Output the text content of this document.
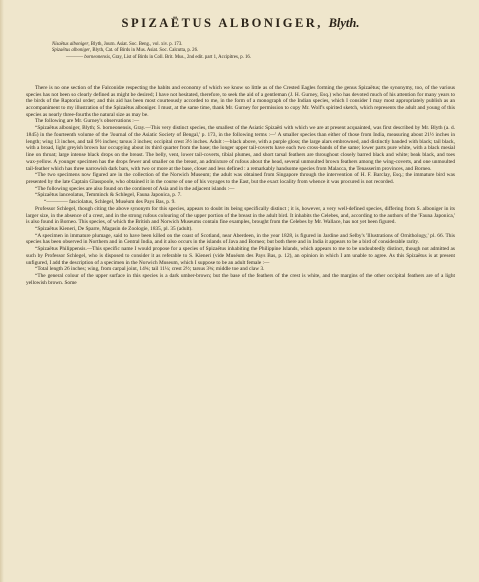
SPIZAËTUS ALBONIGER, Blyth.
Nisaëtus alboniger, Blyth, Journ. Asiat. Soc. Beng., vol. xiv. p. 173.
Spizaëtus alboniger, Blyth, Cat. of Birds in Mus. Asiat. Soc. Calcutta, p. 26.
———— borneonensis, Gray, List of Birds in Coll. Brit. Mus., 2nd edit. part 1, Accipitres, p. 16.

There is no one section of the Falconidæ respecting the habits and economy of which we know so little as of the Crested Eagles forming the genus Spizaëtus; the synonymy, too, of the various species has not been so clearly defined as might be desired; I have not hesitated, therefore, to seek the aid of a gentleman (J. H. Gurney, Esq.) who has devoted much of his attention for many years to the birds of the Raptorial order; and this aid has been most courteously accorded to me, in the form of a monograph of the Indian species, which I consider I may most appropriately publish as an accompaniment to my illustration of the Spizaëtus alboniger. I must, at the same time, thank Mr. Gurney for permission to copy Mr. Wolf's spirited sketch, which represents the adult and young of this species as nearly three-fourths the natural size as may be.

The following are Mr. Gurney's observations :—

“Spizaëtus alboniger, Blyth; S. borneonensis, Gray.—This very distinct species, the smallest of the Asiatic Spizaëti with which we are at present acquainted, was first described by Mr. Blyth (a. d. 1845) in the fourteenth volume of the 'Journal of the Asiatic Society of Bengal,' p. 173, in the following terms :—' A smaller species than either of those from India, measuring about 21½ inches in length; wing 13 inches, and tail 9½ inches; tarsus 3 inches; occipital crest 3½ inches. Adult :—black above, with a purple gloss; the large alars embrowned, and distinctly banded with black; tail black, with a broad, light greyish brown bar occupying about its third quarter from the base; the longer upper tail-coverts have each two cross-bands of the same; lower parts pure white, with a black mesial line on throat; large intense black drops on the breast. The belly, vent, lower tail-coverts, tibial plumes, and short tarsal feathers are throughout closely barred black and white; beak black, and toes wax-yellow. A younger specimen has the drops fewer and smaller on the breast, an admixture of rufous about the head, several unmoulted brown feathers among the wing-coverts, and one unmoulted tail-feather which has three narrowish dark bars, with two or more at the base, closer and less defined : a remarkably handsome species from Malacca, the Tenasserim provinces, and Borneo.

“The two specimens now figured are in the collection of the Norwich Museum; the adult was obtained from Singapore through the intervention of H. F. Barclay, Esq.; the immature bird was presented by the late Captain Glasspoole, who obtained it in the course of one of his voyages to the East, but the exact locality from whence it was procured is not recorded.

“The following species are also found on the continent of Asia and in the adjacent islands :—

“Spizaëtus lanceolatus, Temminck & Schlegel, Fauna Japonica, p. 7.

“———— fasciolatus, Schlegel, Muséum des Pays Bas, p. 9.

Professor Schlegel, though citing the above synonym for this species, appears to doubt its being specifically distinct ; it is, however, a very well-defined species, differing from S. alboniger in its larger size, in the absence of a crest, and in the strong rufous colouring of the upper portion of the breast in the adult bird. It inhabits the Celebes, and, according to the authors of the 'Fauna Japonica,' is also found in Borneo. This species, of which the British and Norwich Museums contain fine examples, brought from the Celebes by Mr. Wallace, has not yet been figured.

“Spizaëtus Kieneri, De Sparre, Magasin de Zoologie, 1835, pl. 35 (adult).

“A specimen in immature plumage, said to have been killed on the coast of Scotland, near Aberdeen, in the year 1828, is figured in Jardine and Selby's 'Illustrations of Ornithology,' pl. 66. This species has been observed in Northern and in Central India, and it also occurs in the islands of Java and Borneo; but both there and in India it appears to be a bird of considerable rarity.

“Spizaëtus Philippensis.—This specific name I would propose for a species of Spizaëtus inhabiting the Philippine Islands, which appears to me to be undoubtedly distinct, though not admitted as such by Professor Schlegel, who is disposed to consider it as referable to S. Kieneri (vide Muséum des Pays Bas, p. 12), an opinion in which I am unable to agree. As this Spizaëtus is at present unfigured, I add the description of a specimen in the Norwich Museum, which I suppose to be an adult female :—

“Total length 26 inches; wing, from carpal joint, 14¾; tail 11¼; crest 2½; tarsus 3¾; middle toe and claw 3.

“The general colour of the upper surface in this species is a dark umber-brown; but the base of the feathers of the crest is white, and the margins of the other occipital feathers are of a light yellowish brown. Some
